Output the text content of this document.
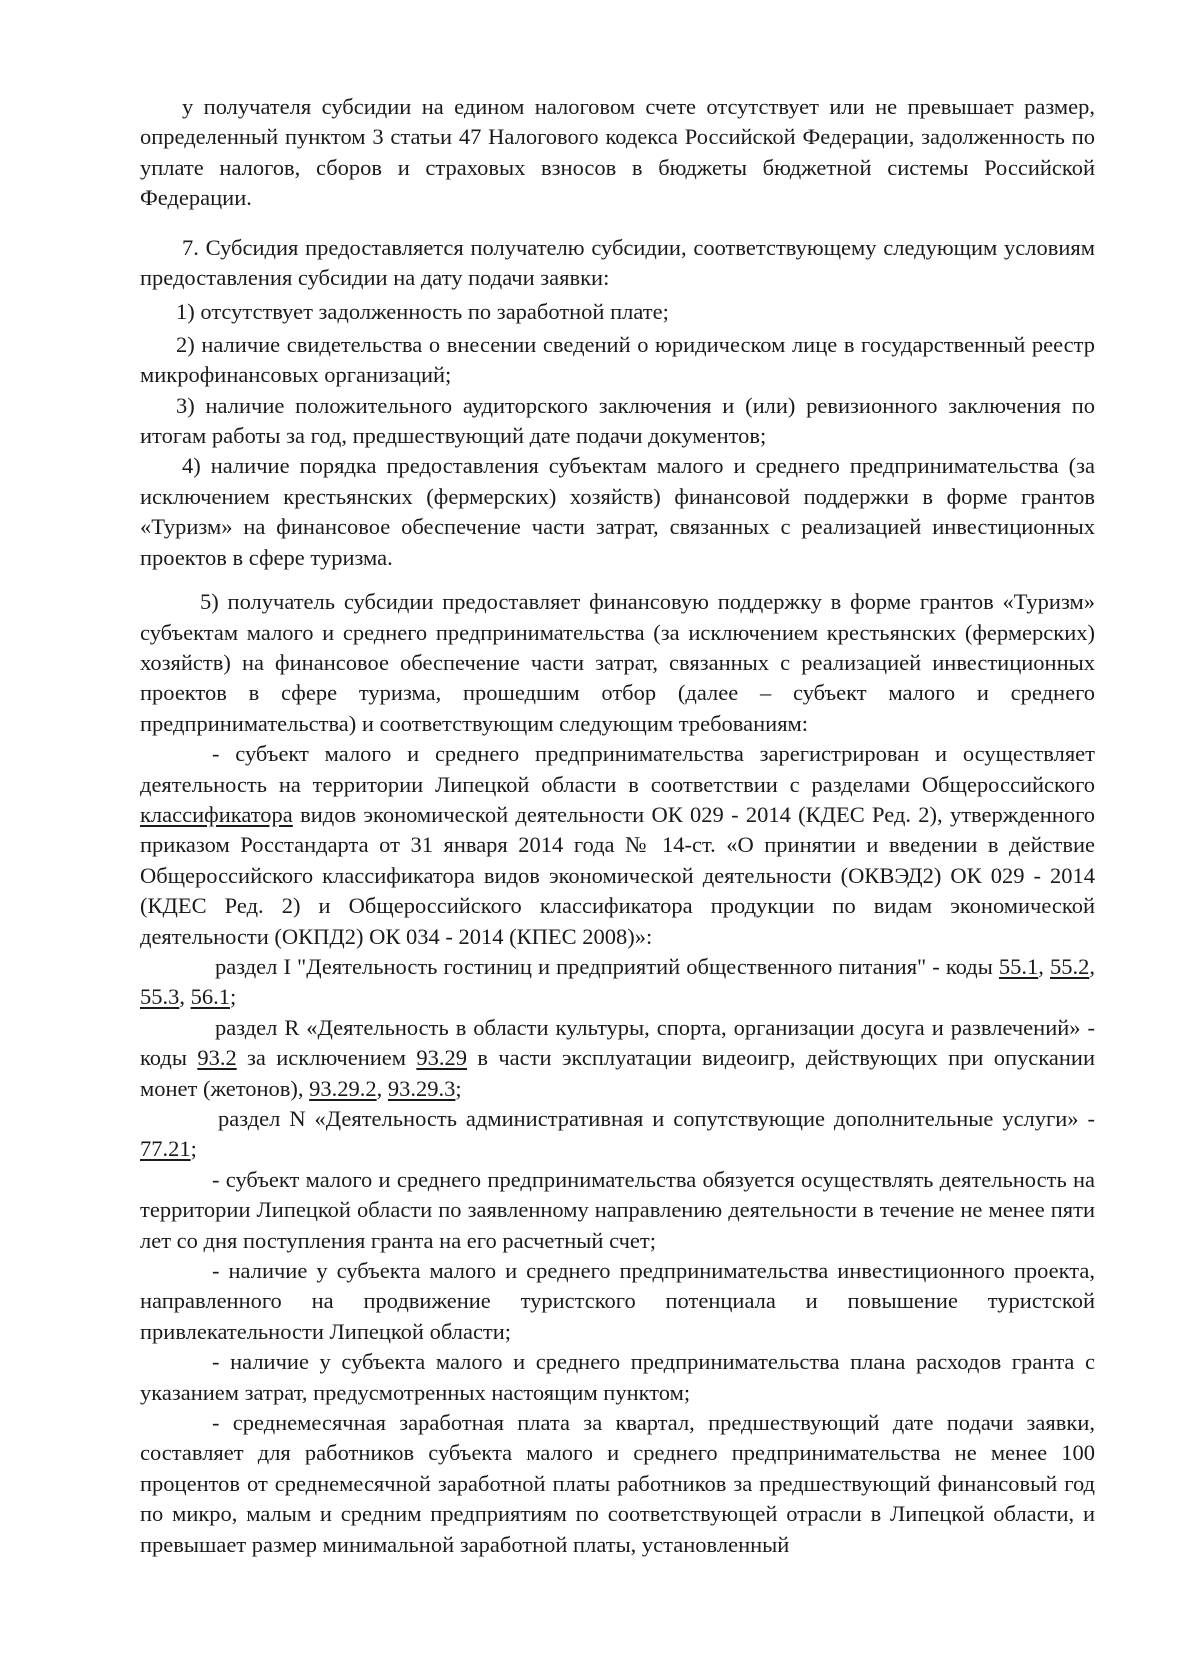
у получателя субсидии на едином налоговом счете отсутствует или не превышает размер, определенный пунктом 3 статьи 47 Налогового кодекса Российской Федерации, задолженность по уплате налогов, сборов и страховых взносов в бюджеты бюджетной системы Российской Федерации.

7. Субсидия предоставляется получателю субсидии, соответствующему следующим условиям предоставления субсидии на дату подачи заявки:

1) отсутствует задолженность по заработной плате;

2) наличие свидетельства о внесении сведений о юридическом лице в государственный реестр микрофинансовых организаций;

3) наличие положительного аудиторского заключения и (или) ревизионного заключения по итогам работы за год, предшествующий дате подачи документов;

4) наличие порядка предоставления субъектам малого и среднего предпринимательства (за исключением крестьянских (фермерских) хозяйств) финансовой поддержки в форме грантов «Туризм» на финансовое обеспечение части затрат, связанных с реализацией инвестиционных проектов в сфере туризма.

5) получатель субсидии предоставляет финансовую поддержку в форме грантов «Туризм» субъектам малого и среднего предпринимательства (за исключением крестьянских (фермерских) хозяйств) на финансовое обеспечение части затрат, связанных с реализацией инвестиционных проектов в сфере туризма, прошедшим отбор (далее – субъект малого и среднего предпринимательства) и соответствующим следующим требованиям:

- субъект малого и среднего предпринимательства зарегистрирован и осуществляет деятельность на территории Липецкой области в соответствии с разделами Общероссийского классификатора видов экономической деятельности ОК 029 - 2014 (КДЕС Ред. 2), утвержденного приказом Росстандарта от 31 января 2014 года № 14-ст. «О принятии и введении в действие Общероссийского классификатора видов экономической деятельности (ОКВЭД2) ОК 029 - 2014 (КДЕС Ред. 2) и Общероссийского классификатора продукции по видам экономической деятельности (ОКПД2) ОК 034 - 2014 (КПЕС 2008)»:

раздел I "Деятельность гостиниц и предприятий общественного питания" - коды 55.1, 55.2, 55.3, 56.1;

раздел R «Деятельность в области культуры, спорта, организации досуга и развлечений» - коды 93.2 за исключением 93.29 в части эксплуатации видеоигр, действующих при опускании монет (жетонов), 93.29.2, 93.29.3;

раздел N «Деятельность административная и сопутствующие дополнительные услуги» - 77.21;

- субъект малого и среднего предпринимательства обязуется осуществлять деятельность на территории Липецкой области по заявленному направлению деятельности в течение не менее пяти лет со дня поступления гранта на его расчетный счет;

- наличие у субъекта малого и среднего предпринимательства инвестиционного проекта, направленного на продвижение туристского потенциала и повышение туристской привлекательности Липецкой области;

- наличие у субъекта малого и среднего предпринимательства плана расходов гранта с указанием затрат, предусмотренных настоящим пунктом;

- среднемесячная заработная плата за квартал, предшествующий дате подачи заявки, составляет для работников субъекта малого и среднего предпринимательства не менее 100 процентов от среднемесячной заработной платы работников за предшествующий финансовый год по микро, малым и средним предприятиям по соответствующей отрасли в Липецкой области, и превышает размер минимальной заработной платы, установленный
